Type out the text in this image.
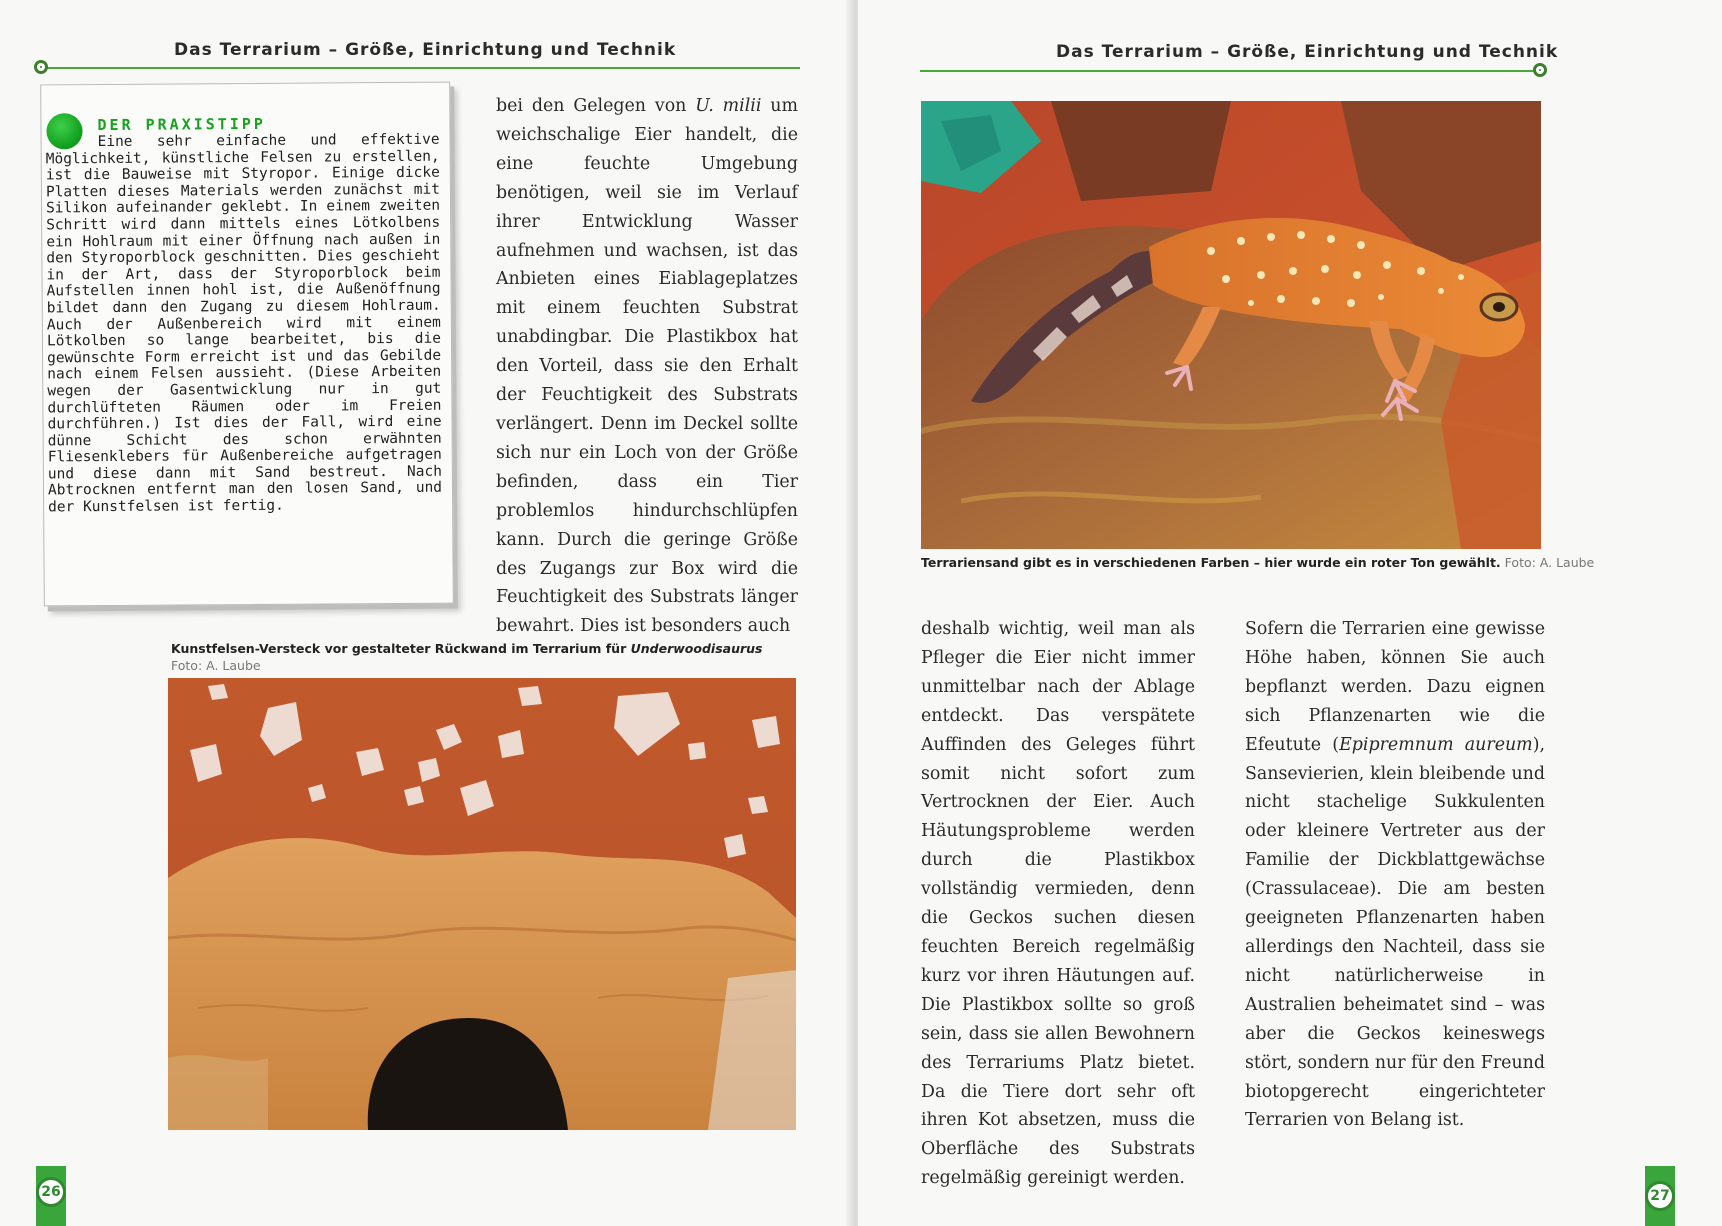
Das Terrarium – Größe, Einrichtung und Technik
DER PRAXISTIPP

Eine sehr einfache und effektive Möglichkeit, künstliche Felsen zu erstellen, ist die Bauweise mit Styropor. Einige dicke Platten dieses Materials werden zunächst mit Silikon aufeinander geklebt. In einem zweiten Schritt wird dann mittels eines Lötkolbens ein Hohlraum mit einer Öffnung nach außen in den Styroporblock geschnitten. Dies geschieht in der Art, dass der Styroporblock beim Aufstellen innen hohl ist, die Außenöffnung bildet dann den Zugang zu diesem Hohlraum. Auch der Außenbereich wird mit einem Lötkolben so lange bearbeitet, bis die gewünschte Form erreicht ist und das Gebilde nach einem Felsen aussieht. (Diese Arbeiten wegen der Gasentwicklung nur in gut durchlüfteten Räumen oder im Freien durchführen.) Ist dies der Fall, wird eine dünne Schicht des schon erwähnten Fliesenklebers für Außenbereiche aufgetragen und diese dann mit Sand bestreut. Nach Abtrocknen entfernt man den losen Sand, und der Kunstfelsen ist fertig.

bei den Gelegen von U. milii um weichschalige Eier handelt, die eine feuchte Umgebung benötigen, weil sie im Verlauf ihrer Entwicklung Wasser aufnehmen und wachsen, ist das Anbieten eines Eiablageplatzes mit einem feuchten Substrat unabdingbar. Die Plastikbox hat den Vorteil, dass sie den Erhalt der Feuchtigkeit des Substrats verlängert. Denn im Deckel sollte sich nur ein Loch von der Größe befinden, dass ein Tier problemlos hindurchschlüpfen kann. Durch die geringe Größe des Zugangs zur Box wird die Feuchtigkeit des Substrats länger bewahrt. Dies ist besonders auch

Kunstfelsen-Versteck vor gestalteter Rückwand im Terrarium für Underwoodisaurus
Foto: A. Laube
26
Das Terrarium – Größe, Einrichtung und Technik
Terrariensand gibt es in verschiedenen Farben – hier wurde ein roter Ton gewählt. Foto: A. Laube

deshalb wichtig, weil man als Pfleger die Eier nicht immer unmittelbar nach der Ablage entdeckt. Das verspätete Auffinden des Geleges führt somit nicht sofort zum Vertrocknen der Eier. Auch Häutungsprobleme werden durch die Plastikbox vollständig vermieden, denn die Geckos suchen diesen feuchten Bereich regelmäßig kurz vor ihren Häutungen auf. Die Plastikbox sollte so groß sein, dass sie allen Bewohnern des Terrariums Platz bietet. Da die Tiere dort sehr oft ihren Kot absetzen, muss die Oberfläche des Substrats regelmäßig gereinigt werden.

Sofern die Terrarien eine gewisse Höhe haben, können Sie auch bepflanzt werden. Dazu eignen sich Pflanzenarten wie die Efeutute (Epipremnum aureum), Sansevierien, klein bleibende und nicht stachelige Sukkulenten oder kleinere Vertreter aus der Familie der Dickblattgewächse (Crassulaceae). Die am besten geeigneten Pflanzenarten haben allerdings den Nachteil, dass sie nicht natürlicherweise in Australien beheimatet sind – was aber die Geckos keineswegs stört, sondern nur für den Freund biotopgerecht eingerichteter Terrarien von Belang ist.

27
